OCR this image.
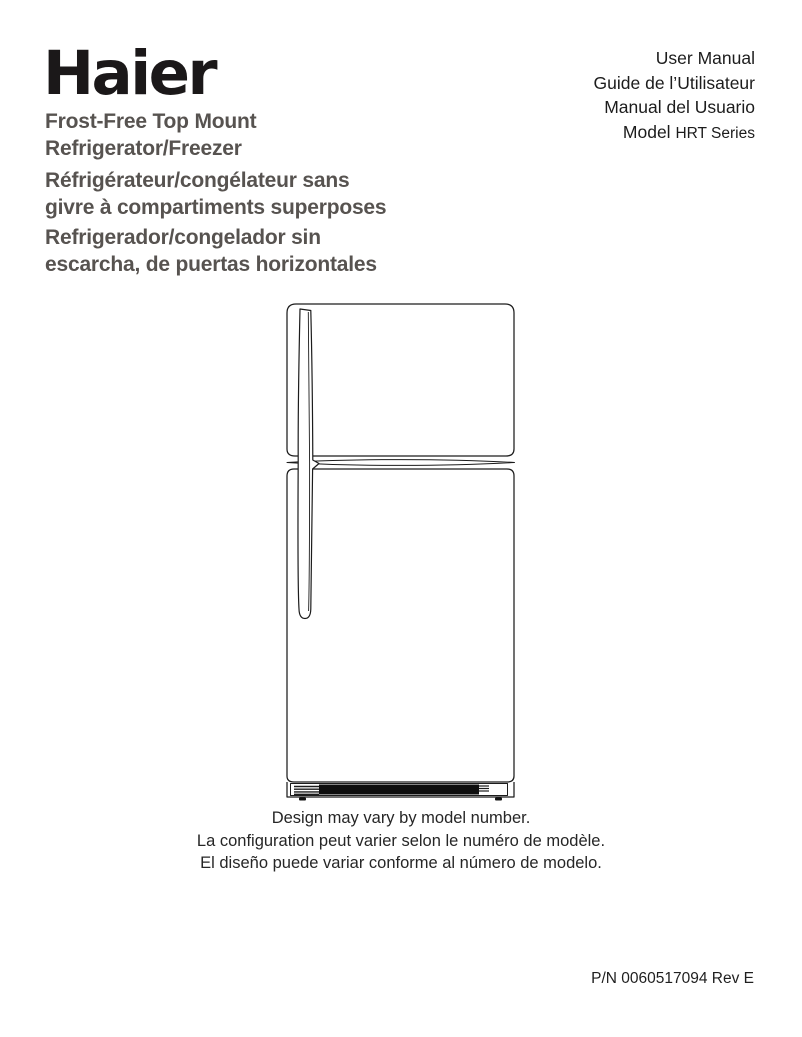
Haier	User Manual
Guide de l’Utilisateur
Manual del Usuario
Model HRT Series
Frost-Free Top Mount
Refrigerator/Freezer
Réfrigérateur/congélateur sans
givre à compartiments superposes
Refrigerador/congelador sin
escarcha, de puertas horizontales
Design may vary by model number.
La configuration peut varier selon le numéro de modèle.
El diseño puede variar conforme al número de modelo.
P/N 0060517094 Rev E
